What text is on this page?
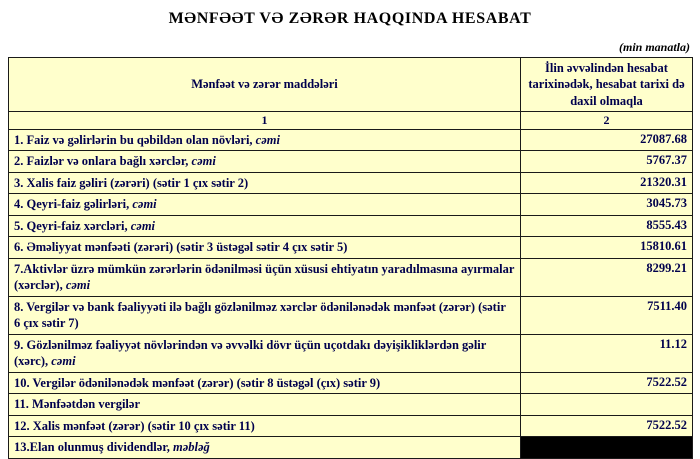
MƏNFƏƏT VƏ ZƏRƏR HAQQINDA HESABAT
(min manatla)
Mənfəət və zərər maddələri	İlin əvvəlindən hesabat tarixinədək, hesabat tarixi də daxil olmaqla
1	2
1. Faiz və gəlirlərin bu qəbildən olan növləri, cəmi	27087.68
2. Faizlər və onlara bağlı xərclər, cəmi	5767.37
3. Xalis faiz gəliri (zərəri) (sətir 1 çıx sətir 2)	21320.31
4. Qeyri-faiz gəlirləri, cəmi	3045.73
5. Qeyri-faiz xərcləri, cəmi	8555.43
6. Əməliyyat mənfəəti (zərəri) (sətir 3 üstəgəl sətir 4 çıx sətir 5)	15810.61
7.Aktivlər üzrə mümkün zərərlərin ödənilməsi üçün xüsusi ehtiyatın yaradılmasına ayırmalar (xərclər), cəmi	8299.21
8. Vergilər və bank fəaliyyəti ilə bağlı gözlənilməz xərclər ödənilənədək mənfəət (zərər) (sətir 6 çıx sətir 7)	7511.40
9. Gözlənilməz fəaliyyət növlərindən və əvvəlki dövr üçün uçotdakı dəyişikliklərdən gəlir (xərc), cəmi	11.12
10. Vergilər ödənilənədək mənfəət (zərər) (sətir 8 üstəgəl (çıx) sətir 9)	7522.52
11. Mənfəətdən vergilər	
12. Xalis mənfəət (zərər) (sətir 10 çıx sətir 11)	7522.52
13.Elan olunmuş dividendlər, məbləğ	
